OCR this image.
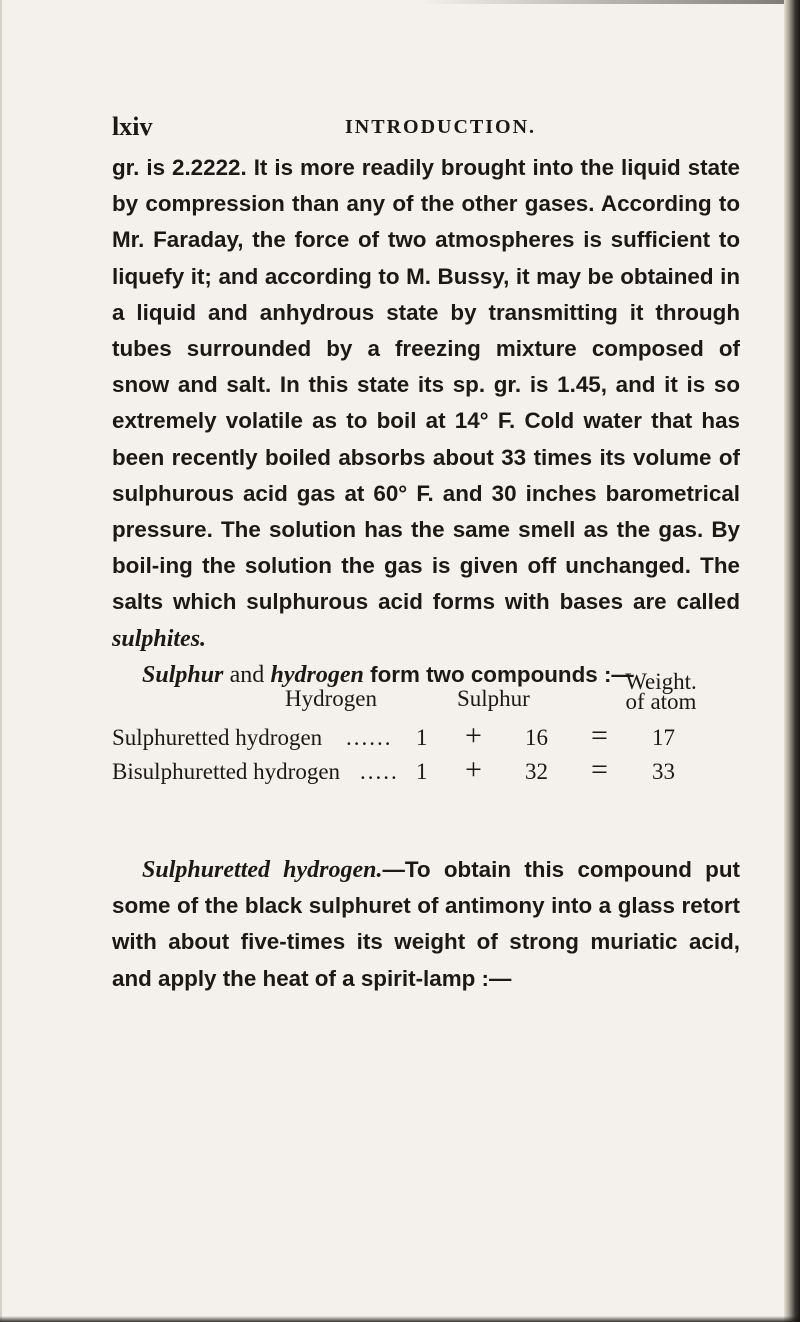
lxiv	INTRODUCTION.

gr. is 2.2222. It is more readily brought into the liquid state by compression than any of the other gases. According to Mr. Faraday, the force of two atmospheres is sufficient to liquefy it; and according to M. Bussy, it may be obtained in a liquid and anhydrous state by transmitting it through tubes surrounded by a freezing mixture composed of snow and salt. In this state its sp. gr. is 1.45, and it is so extremely volatile as to boil at 14° F. Cold water that has been recently boiled absorbs about 33 times its volume of sulphurous acid gas at 60° F. and 30 inches barometrical pressure. The solution has the same smell as the gas. By boil-ing the solution the gas is given off unchanged. The salts which sulphurous acid forms with bases are called sulphites.

Sulphur and hydrogen form two compounds :—

Hydrogen	Sulphur
Weight.
of atom
Sulphuretted hydrogen ...... 1 + 16 = 17
Bisulphuretted hydrogen ..... 1 + 32 = 33

Sulphuretted hydrogen.—To obtain this compound put some of the black sulphuret of antimony into a glass retort with about five-times its weight of strong muriatic acid, and apply the heat of a spirit-lamp :—
